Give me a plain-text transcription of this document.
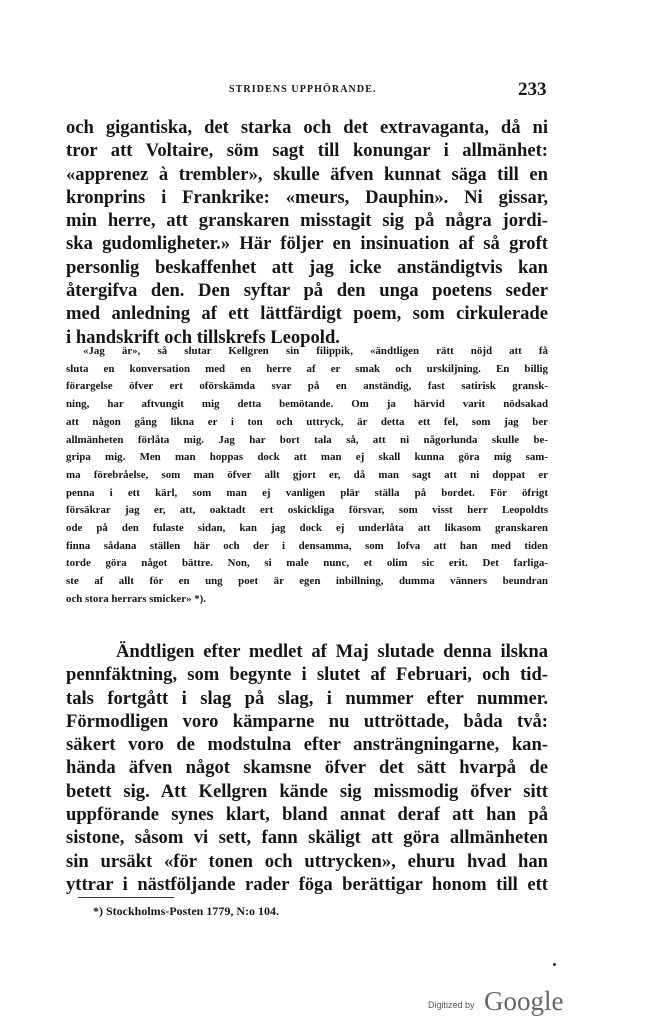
STRIDENS UPPHÖRANDE.	233

och gigantiska, det starka och det extravaganta, då ni
tror att Voltaire, söm sagt till konungar i allmänhet:
«apprenez à trembler», skulle äfven kunnat säga till en
kronprins i Frankrike: «meurs, Dauphin». Ni gissar,
min herre, att granskaren misstagit sig på några jordi-
ska gudomligheter.» Här följer en insinuation af så groft
personlig beskaffenhet att jag icke anständigtvis kan
återgifva den. Den syftar på den unga poetens seder
med anledning af ett lättfärdigt poem, som cirkulerade
i handskrift och tillskrefs Leopold.

«Jag är», så slutar Kellgren sin filippik, «ändtligen rätt nöjd att få
sluta en konversation med en herre af er smak och urskiljning. En billig
förargelse öfver ert oförskämda svar på en anständig, fast satirisk gransk-
ning, har aftvungit mig detta bemötande. Om ja härvid varit nödsakad
att någon gång likna er i ton och uttryck, är detta ett fel, som jag ber
allmänheten förlåta mig. Jag har bort tala så, att ni någorlunda skulle be-
gripa mig. Men man hoppas dock att man ej skall kunna göra mig sam-
ma förebråelse, som man öfver allt gjort er, då man sagt att ni doppat er
penna i ett kärl, som man ej vanligen plär ställa på bordet. För öfrigt
försäkrar jag er, att, oaktadt ert oskickliga försvar, som visst herr Leopoldts
ode på den fulaste sidan, kan jag dock ej underlåta att likasom granskaren
finna sådana ställen här och der i densamma, som lofva att han med tiden
torde göra något bättre. Non, si male nunc, et olim sic erit. Det farliga-
ste af allt för en ung poet är egen inbillning, dumma vänners beundran
och stora herrars smicker» *).
Ändtligen efter medlet af Maj slutade denna ilskna
pennfäktning, som begynte i slutet af Februari, och tid-
tals fortgått i slag på slag, i nummer efter nummer.
Förmodligen voro kämparne nu uttröttade, båda två:
säkert voro de modstulna efter ansträngningarne, kan-
hända äfven något skamsne öfver det sätt hvarpå de
betett sig. Att Kellgren kände sig missmodig öfver sitt
uppförande synes klart, bland annat deraf att han på
sistone, såsom vi sett, fann skäligt att göra allmänheten
sin ursäkt «för tonen och uttrycken», ehuru hvad han
yttrar i nästföljande rader föga berättigar honom till ett
*) Stockholms-Posten 1779, N:o 104.
Digitized by Google
